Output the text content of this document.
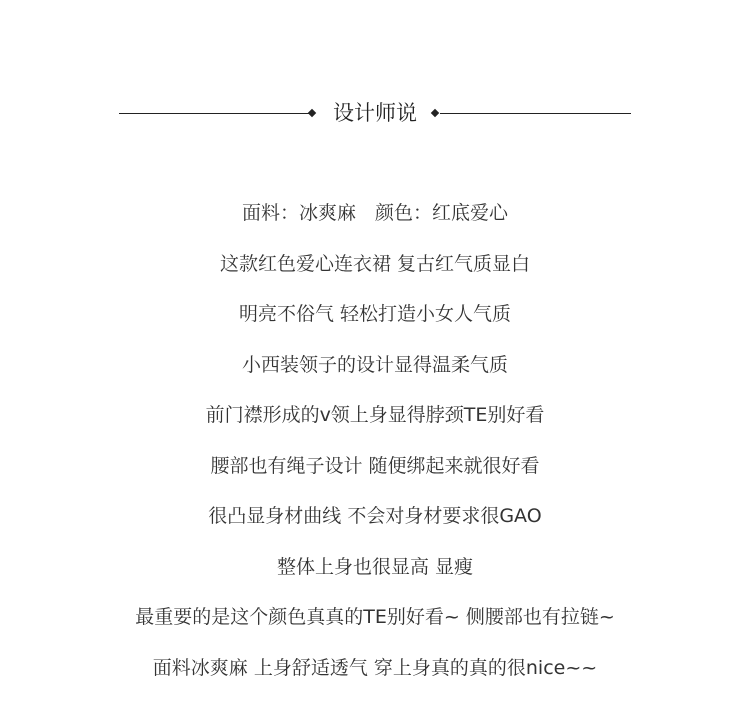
设计师说
面料：冰爽麻　颜色：红底爱心
这款红色爱心连衣裙 复古红气质显白
明亮不俗气 轻松打造小女人气质
小西装领子的设计显得温柔气质
前门襟形成的v领上身显得脖颈TE别好看
腰部也有绳子设计 随便绑起来就很好看
很凸显身材曲线 不会对身材要求很GAO
整体上身也很显高 显瘦
最重要的是这个颜色真真的TE别好看~ 侧腰部也有拉链~
面料冰爽麻 上身舒适透气 穿上身真的真的很nice~~
